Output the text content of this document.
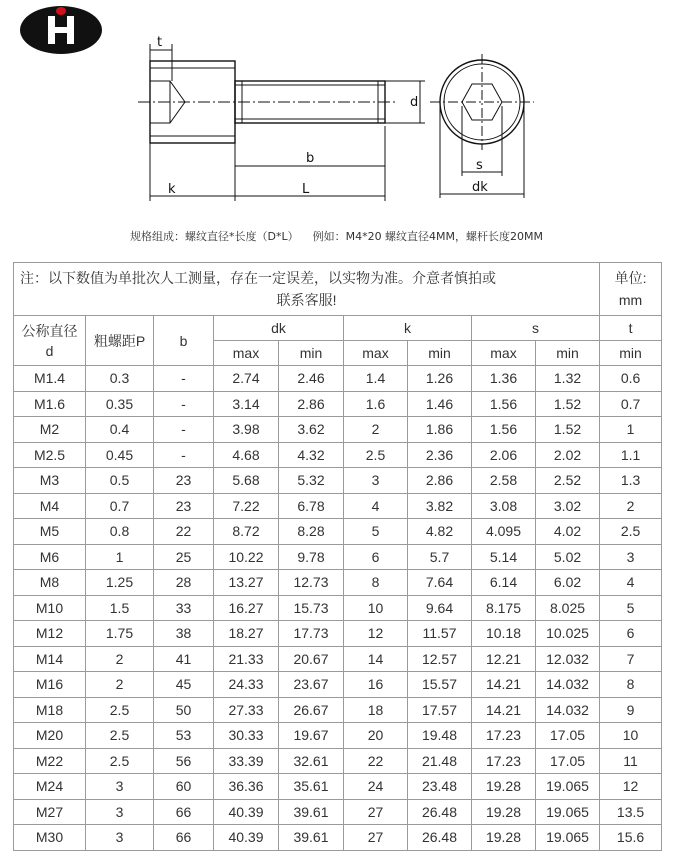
t
d
b
k	L
s
dk
规格组成：螺纹直径*长度（D*L） 例如：M4*20 螺纹直径4MM，螺杆长度20MM
注：以下数值为单批次人工测量，存在一定误差，以实物为准。介意者慎拍或
联系客服!									单位:
mm
公称直径
d	粗螺距P	b	dk		k		s		t
			max	min	max	min	max	min	min
M1.4	0.3	-	2.74	2.46	1.4	1.26	1.36	1.32	0.6
M1.6	0.35	-	3.14	2.86	1.6	1.46	1.56	1.52	0.7
M2	0.4	-	3.98	3.62	2	1.86	1.56	1.52	1
M2.5	0.45	-	4.68	4.32	2.5	2.36	2.06	2.02	1.1
M3	0.5	23	5.68	5.32	3	2.86	2.58	2.52	1.3
M4	0.7	23	7.22	6.78	4	3.82	3.08	3.02	2
M5	0.8	22	8.72	8.28	5	4.82	4.095	4.02	2.5
M6	1	25	10.22	9.78	6	5.7	5.14	5.02	3
M8	1.25	28	13.27	12.73	8	7.64	6.14	6.02	4
M10	1.5	33	16.27	15.73	10	9.64	8.175	8.025	5
M12	1.75	38	18.27	17.73	12	11.57	10.18	10.025	6
M14	2	41	21.33	20.67	14	12.57	12.21	12.032	7
M16	2	45	24.33	23.67	16	15.57	14.21	14.032	8
M18	2.5	50	27.33	26.67	18	17.57	14.21	14.032	9
M20	2.5	53	30.33	19.67	20	19.48	17.23	17.05	10
M22	2.5	56	33.39	32.61	22	21.48	17.23	17.05	11
M24	3	60	36.36	35.61	24	23.48	19.28	19.065	12
M27	3	66	40.39	39.61	27	26.48	19.28	19.065	13.5
M30	3	66	40.39	39.61	27	26.48	19.28	19.065	15.6
